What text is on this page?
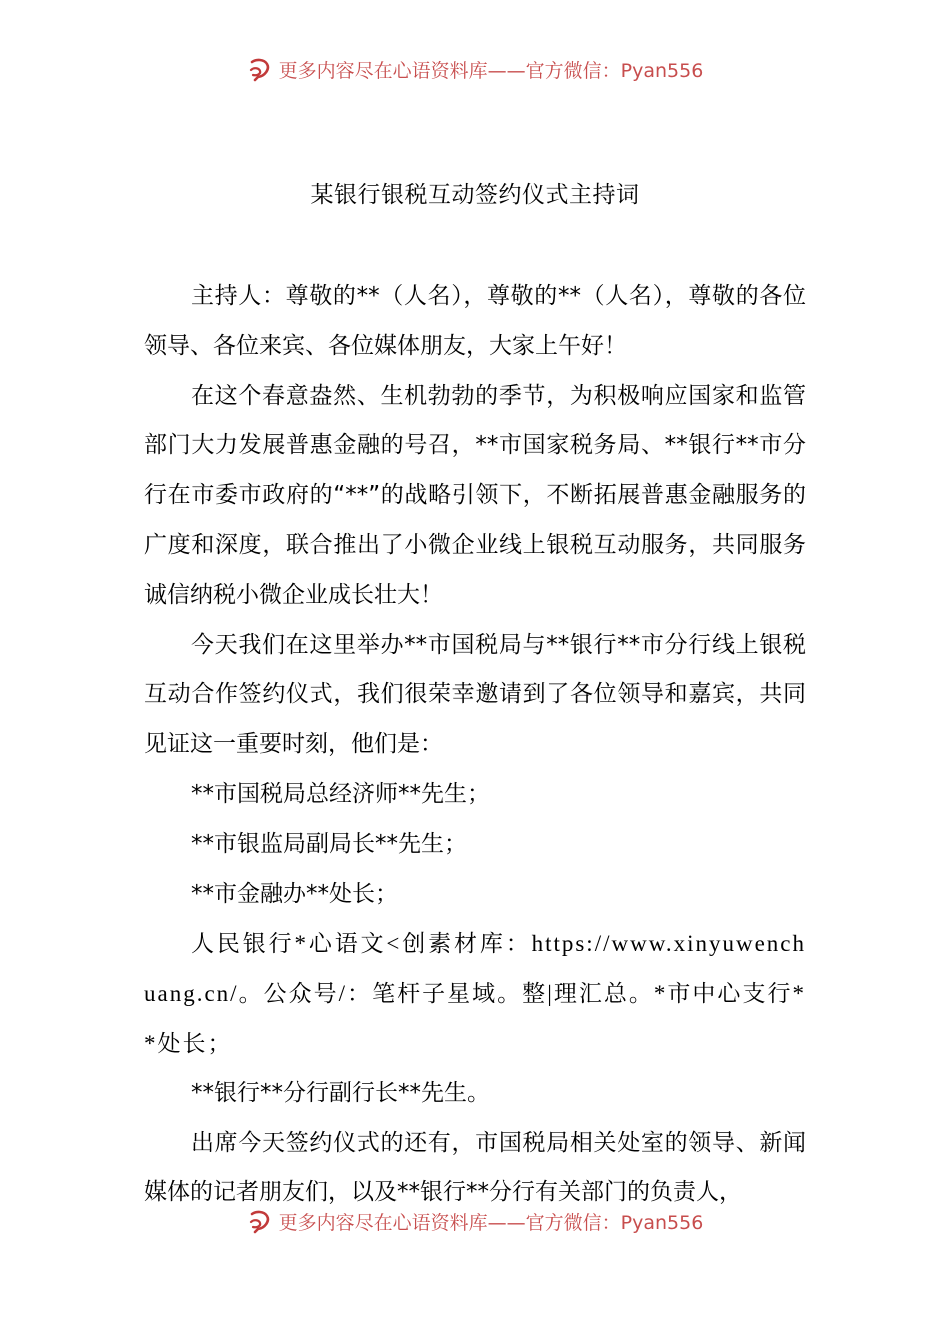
更多内容尽在心语资料库——官方微信：Pyan556
某银行银税互动签约仪式主持词

主持人：尊敬的**（人名），尊敬的**（人名），尊敬的各位领导、各位来宾、各位媒体朋友，大家上午好！

在这个春意盎然、生机勃勃的季节，为积极响应国家和监管部门大力发展普惠金融的号召，**市国家税务局、**银行**市分行在市委市政府的“**”的战略引领下，不断拓展普惠金融服务的广度和深度，联合推出了小微企业线上银税互动服务，共同服务诚信纳税小微企业成长壮大！

今天我们在这里举办**市国税局与**银行**市分行线上银税互动合作签约仪式，我们很荣幸邀请到了各位领导和嘉宾，共同见证这一重要时刻，他们是：

**市国税局总经济师**先生；

**市银监局副局长**先生；

**市金融办**处长；

人民银行*心语文<创素材库：https://www.xinyuwenchuang.cn/。公众号/：笔杆子星域。整|理汇总。*市中心支行**处长；

**银行**分行副行长**先生。

出席今天签约仪式的还有，市国税局相关处室的领导、新闻媒体的记者朋友们，以及**银行**分行有关部门的负责人，

更多内容尽在心语资料库——官方微信：Pyan556
